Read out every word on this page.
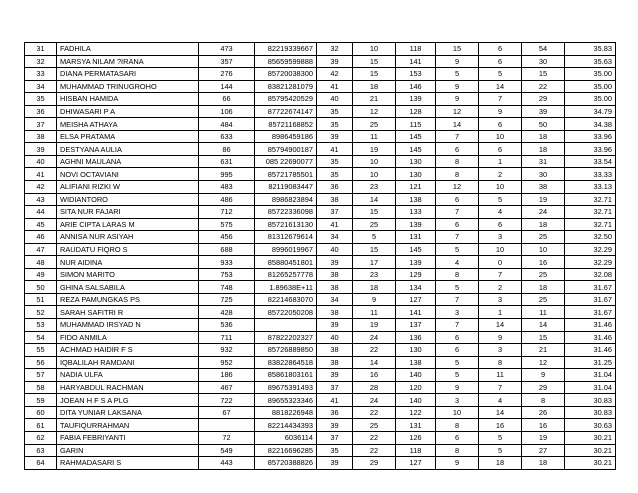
31	FADHILA	473	82219339667	32	10	118	15	6	54	35.83
32	MARSYA NILAM ?IRANA	357	85659599888	39	15	141	9	6	30	35.63
33	DIANA PERMATASARI	276	85720038300	42	15	153	5	5	15	35.00
34	MUHAMMAD TRINUGROHO	144	83821281079	41	18	146	9	14	22	35.00
35	HISBAN HAMIDA	66	85795420529	40	21	139	9	7	29	35.00
36	DHIWASARI P A	106	87722674147	35	12	128	12	9	39	34.79
37	MEISHA ATHAYA	484	85721168852	35	25	115	14	6	50	34.38
38	ELSA PRATAMA	633	8986459186	39	11	145	7	10	18	33.96
39	DESTYANA AULIA	86	85794900187	41	19	145	6	6	18	33.96
40	AGHNI MAULANA	631	085 22690077	35	10	130	8	1	31	33.54
41	NOVI OCTAVIANI	995	85721785501	35	10	130	8	2	30	33.33
42	ALIFIANI RIZKI W	483	82119083447	36	23	121	12	10	38	33.13
43	WIDIANTORO	486	8986823894	38	14	138	6	5	19	32.71
44	SITA NUR FAJARI	712	85722336098	37	15	133	7	4	24	32.71
45	ARIE CIPTA LARAS M	575	85721613130	41	25	139	6	6	18	32.71
46	ANNISA NUR ASIYAH	456	81312679614	34	5	131	7	3	25	32.50
47	RAUDATU FIQRO S	688	8996019967	40	15	145	5	10	10	32.29
48	NUR AIDINA	933	85880451801	39	17	139	4	0	16	32.29
49	SIMON MARITO	753	81265257778	38	23	129	8	7	25	32.08
50	GHINA SALSABILA	748	1.89638E+11	38	18	134	5	2	18	31.67
51	REZA PAMUNGKAS PS	725	82214683070	34	9	127	7	3	25	31.67
52	SARAH SAFITRI R	428	85722050208	38	11	141	3	1	11	31.67
53	MUHAMMAD IRSYAD N	536		39	19	137	7	14	14	31.46
54	FIDO ANMILA	711	87822202327	40	24	136	6	9	15	31.46
55	ACHMAD HAIDIR F S	932	85726889850	38	22	130	6	3	21	31.46
56	IQBALILAH RAMDANI	952	83822864518	38	14	138	5	8	12	31.25
57	NADIA ULFA	186	85861803161	39	16	140	5	11	9	31.04
58	HARYABDUL RACHMAN	467	89675391493	37	28	120	9	7	29	31.04
59	JOEAN H F S A PLG	722	89655323346	41	24	140	3	4	8	30.83
60	DITA YUNIAR LAKSANA	67	8818226948	36	22	122	10	14	26	30.83
61	TAUFIQURRAHMAN		82214434393	39	25	131	8	16	16	30.63
62	FABIA FEBRIYANTI	72	6036114	37	22	126	6	5	19	30.21
63	GARIN	549	82216696285	35	22	118	8	5	27	30.21
64	RAHMADASARI S	443	85720388826	39	29	127	9	18	18	30.21
